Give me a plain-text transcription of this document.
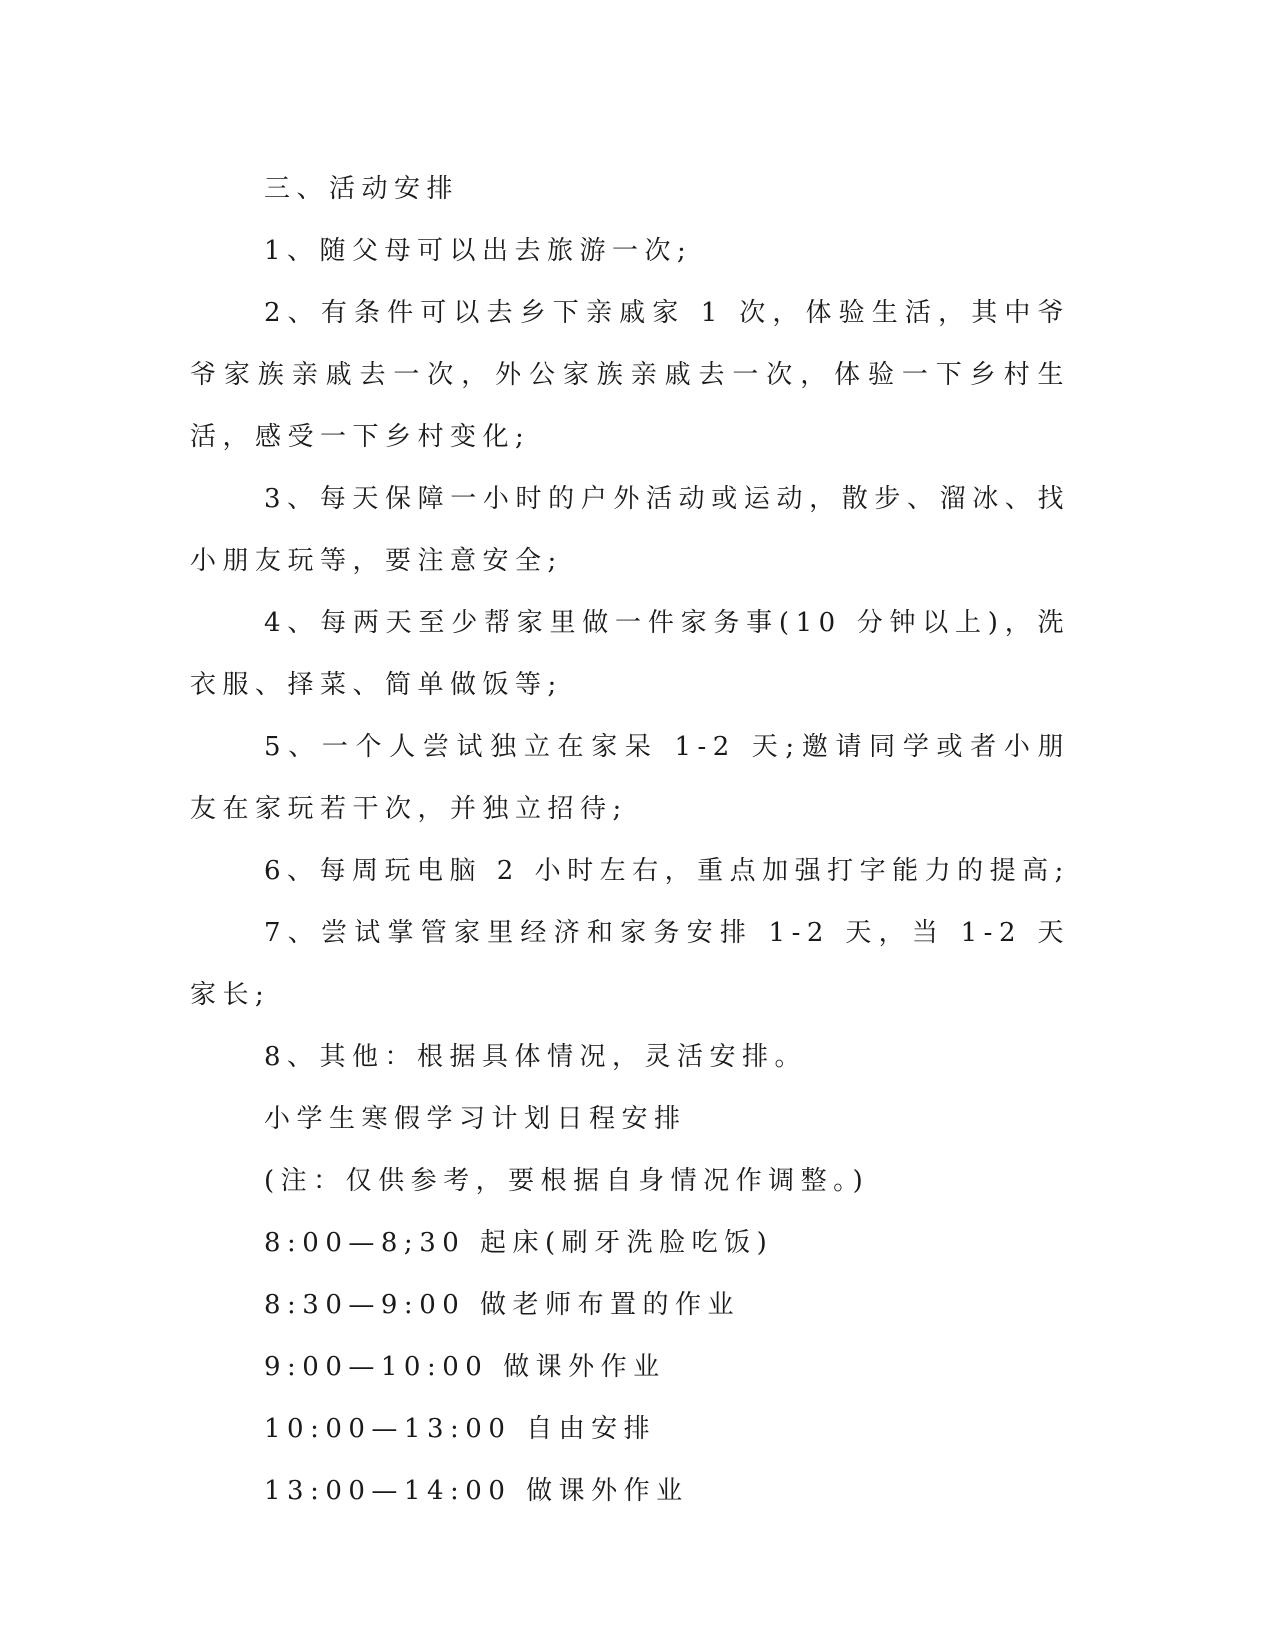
三、活动安排

1、随父母可以出去旅游一次;

2、有条件可以去乡下亲戚家 1 次，体验生活，其中爷爷家族亲戚去一次，外公家族亲戚去一次，体验一下乡村生活，感受一下乡村变化;

3、每天保障一小时的户外活动或运动，散步、溜冰、找小朋友玩等，要注意安全;

4、每两天至少帮家里做一件家务事(10 分钟以上)，洗衣服、择菜、简单做饭等;

5、一个人尝试独立在家呆 1-2 天;邀请同学或者小朋友在家玩若干次，并独立招待;

6、每周玩电脑 2 小时左右，重点加强打字能力的提高;

7、尝试掌管家里经济和家务安排 1-2 天，当 1-2 天家长;

8、其他：根据具体情况，灵活安排。

小学生寒假学习计划日程安排

(注：仅供参考，要根据自身情况作调整。)

8:00—8;30 起床(刷牙洗脸吃饭)

8:30—9:00 做老师布置的作业

9:00—10:00 做课外作业

10:00—13:00 自由安排

13:00—14:00 做课外作业
